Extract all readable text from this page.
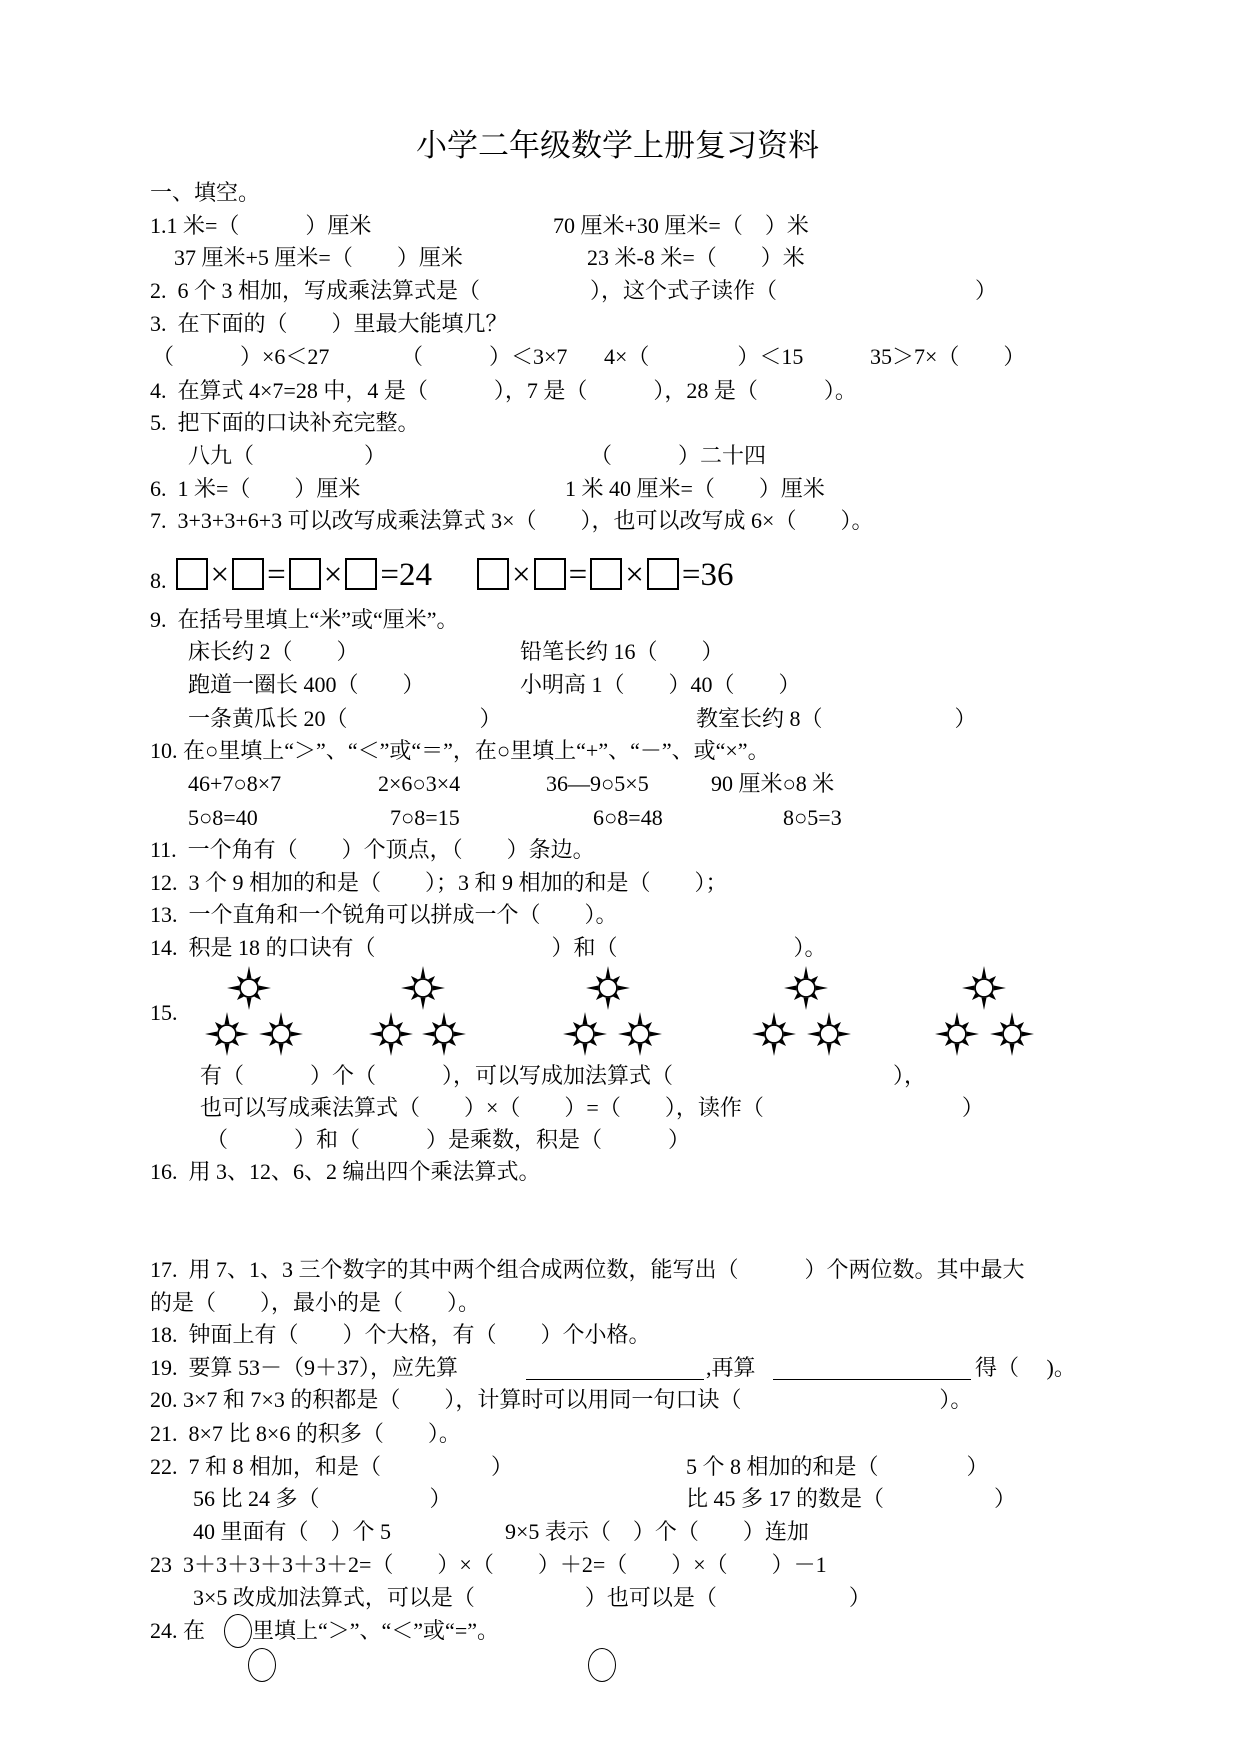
小学二年级数学上册复习资料
一、填空。
1.1 米=（　　　）厘米	70 厘米+30 厘米=（　）米
37 厘米+5 厘米=（　　）厘米	23 米-8 米=（　　）米
2.  6 个 3 相加，写成乘法算式是（　　　　　），这个式子读作（　　　　　　　　　）
3.  在下面的（　　）里最大能填几？
（　　　）×6＜27	（　　　）＜3×7 4×（　　　　）＜15	35＞7×（　　）
4.  在算式 4×7=28 中，4 是（　　　），7 是（　　　），28 是（　　　）。
5.  把下面的口诀补充完整。
八九（　　　　　）	（　　　）二十四
6.  1 米=（　　）厘米	1 米 40 厘米=（　　）厘米
7.  3+3+3+6+3 可以改写成乘法算式 3×（　　），也可以改写成 6×（　　）。
8. × = × = 24 × = × = 36
9.  在括号里填上“米”或“厘米”。
床长约 2（　　）	铅笔长约 16（　　）
跑道一圈长 400（　　）	小明高 1（　　）40（　　）
一条黄瓜长 20（　　　　　　）	教室长约 8（　　　　　　）
10. 在○里填上“＞”、“＜”或“＝”，在○里填上“+”、“－”、或“×”。
46+7○8×7	2×6○3×4	36—9○5×5	90 厘米○8 米
5○8=40	7○8=15	6○8=48	8○5=3
11.  一个角有（　　）个顶点，（　　）条边。
12.  3 个 9 相加的和是（　　）；3 和 9 相加的和是（　　）；
13.  一个直角和一个锐角可以拼成一个（　　）。
14.  积是 18 的口诀有（　　　　　　　　）和（　　　　　　　　）。
15.
有（　　　）个（　　　），可以写成加法算式（　　　　　　　　　　），
也可以写成乘法算式（　　）×（　　）=（　　），读作（　　　　　　　　　）
（　　　）和（　　　）是乘数，积是（　　　）
16.  用 3、12、6、2 编出四个乘法算式。
17.  用 7、1、3 三个数字的其中两个组合成两位数，能写出（　　　）个两位数。其中最大
的是（　　），最小的是（　　）。
18.  钟面上有（　　）个大格，有（　　）个小格。
19.  要算 53－（9＋37），应先算	,再算	得（　 )。
20. 3×7 和 7×3 的积都是（　　），计算时可以用同一句口诀（　　　　　　　　　）。
21.  8×7 比 8×6 的积多（　　）。
22.  7 和 8 相加，和是（　　　　　）	5 个 8 相加的和是（　　　　）
56 比 24 多（　　　　　）	比 45 多 17 的数是（　　　　　）
40 里面有（　）个 5	9×5 表示（　）个（　　）连加
23  3＋3＋3＋3＋3＋2=（　　）×（　　）＋2=（　　）×（　　）－1
3×5 改成加法算式，可以是（　　　　　）也可以是（　　　　　　）
24. 在 里填上“＞”、“＜”或“=”。
